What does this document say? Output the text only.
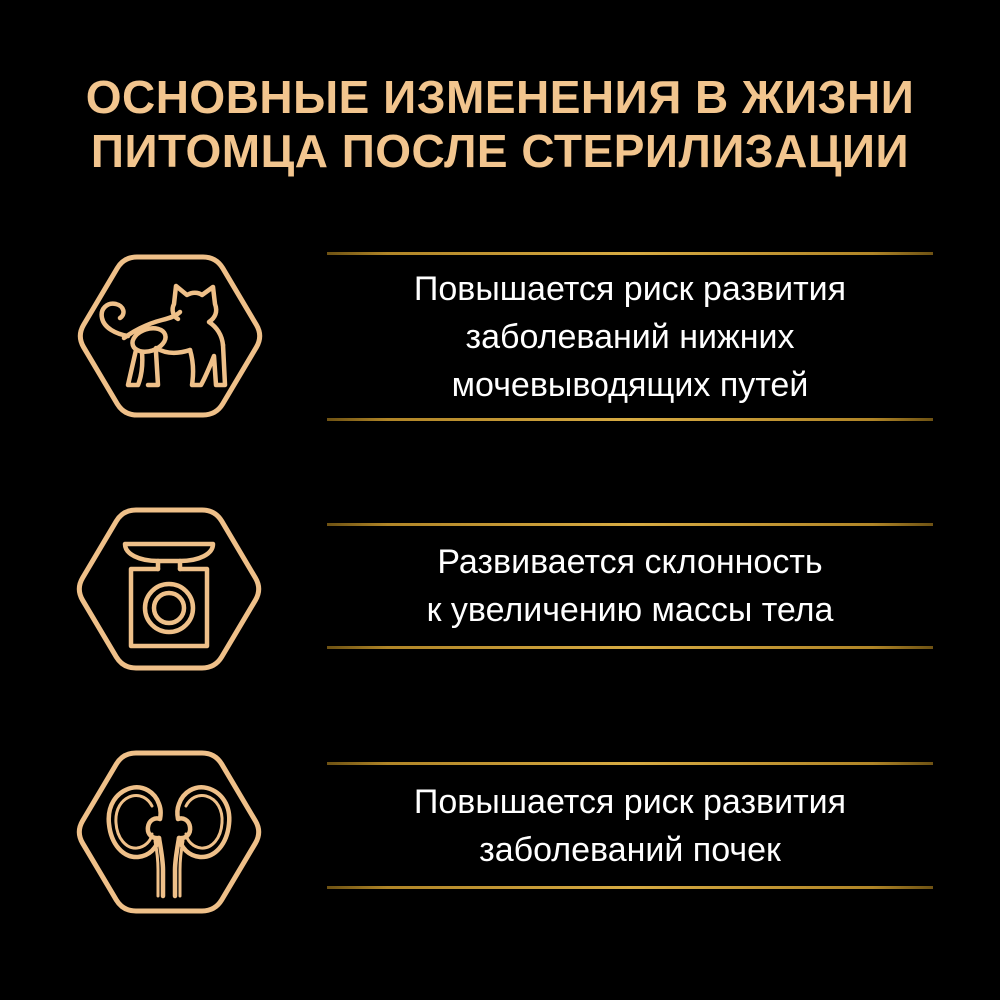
ОСНОВНЫЕ ИЗМЕНЕНИЯ В ЖИЗНИ
ПИТОМЦА ПОСЛЕ СТЕРИЛИЗАЦИИ
Повышается риск развития
заболеваний нижних
мочевыводящих путей
Развивается склонность
к увеличению массы тела
Повышается риск развития
заболеваний почек
